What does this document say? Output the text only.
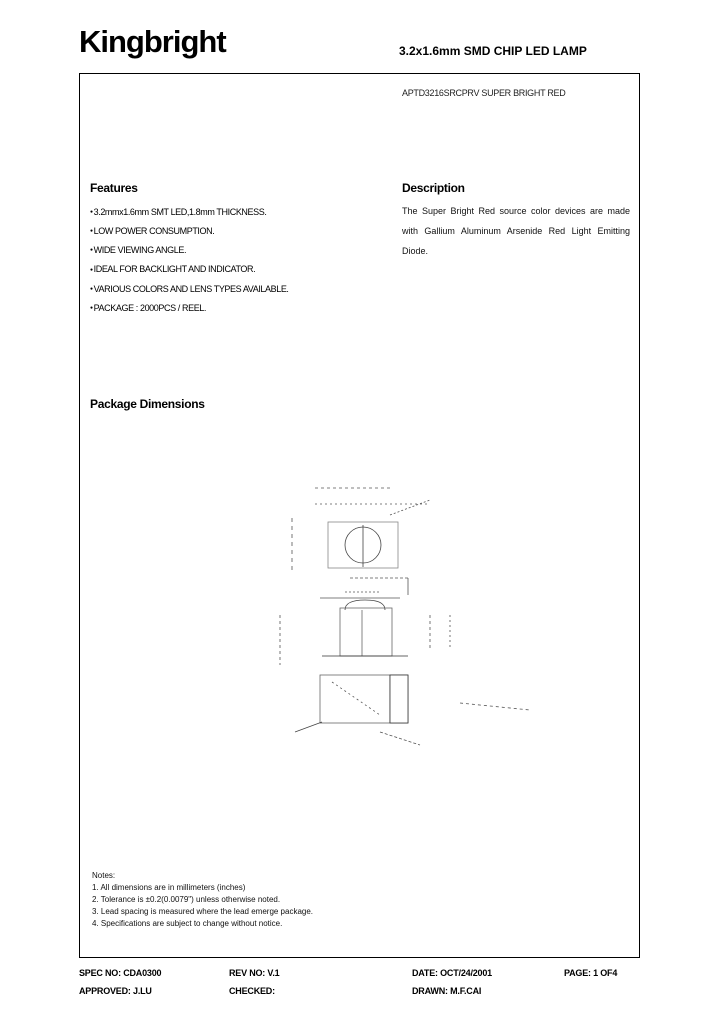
Kingbright	3.2x1.6mm SMD CHIP LED LAMP
APTD3216SRCPRV SUPER BRIGHT RED
Features
● 3.2mmx1.6mm SMT LED,1.8mm THICKNESS.
● LOW POWER CONSUMPTION.
● WIDE VIEWING ANGLE.
● IDEAL FOR BACKLIGHT AND INDICATOR.
● VARIOUS COLORS AND LENS TYPES AVAILABLE.
● PACKAGE : 2000PCS / REEL.
Description

The Super Bright Red source color devices are made with Gallium Aluminum Arsenide Red Light Emitting Diode.

Package Dimensions
Notes:
1. All dimensions are in millimeters (inches)
2. Tolerance is ±0.2(0.0079") unless otherwise noted.
3. Lead spacing is measured where the lead emerge package.
4. Specifications are subject to change without notice.
SPEC NO: CDA0300	REV NO: V.1	DATE: OCT/24/2001	PAGE: 1 OF4
APPROVED: J.LU	CHECKED:	DRAWN: M.F.CAI
